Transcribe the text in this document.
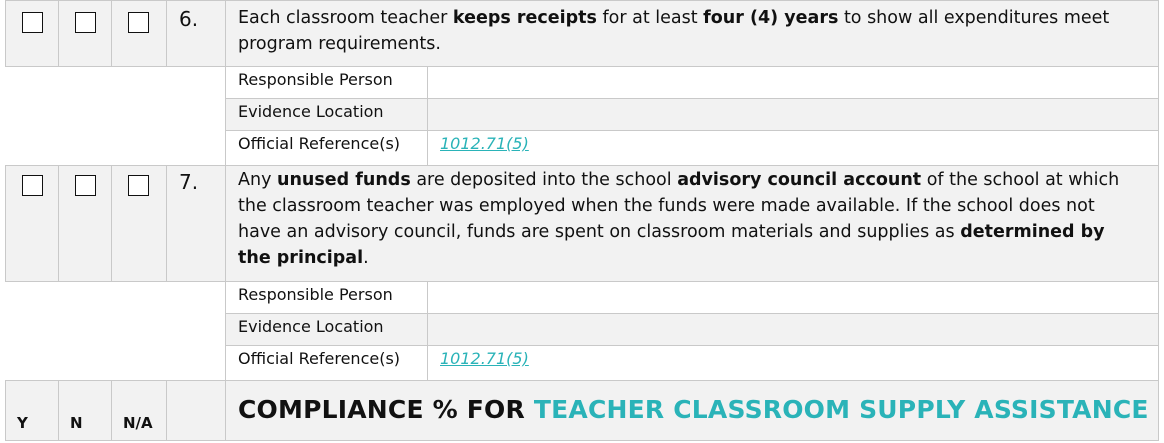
6. Each classroom teacher keeps receipts for at least four (4) years to show all expenditures meet program requirements.
Responsible Person
Evidence Location
Official Reference(s) 1012.71(5)
7. Any unused funds are deposited into the school advisory council account of the school at which the classroom teacher was employed when the funds were made available. If the school does not have an advisory council, funds are spent on classroom materials and supplies as determined by the principal.
Responsible Person
Evidence Location
Official Reference(s) 1012.71(5)
Y	N	N/A	COMPLIANCE % FOR TEACHER CLASSROOM SUPPLY ASSISTANCE
